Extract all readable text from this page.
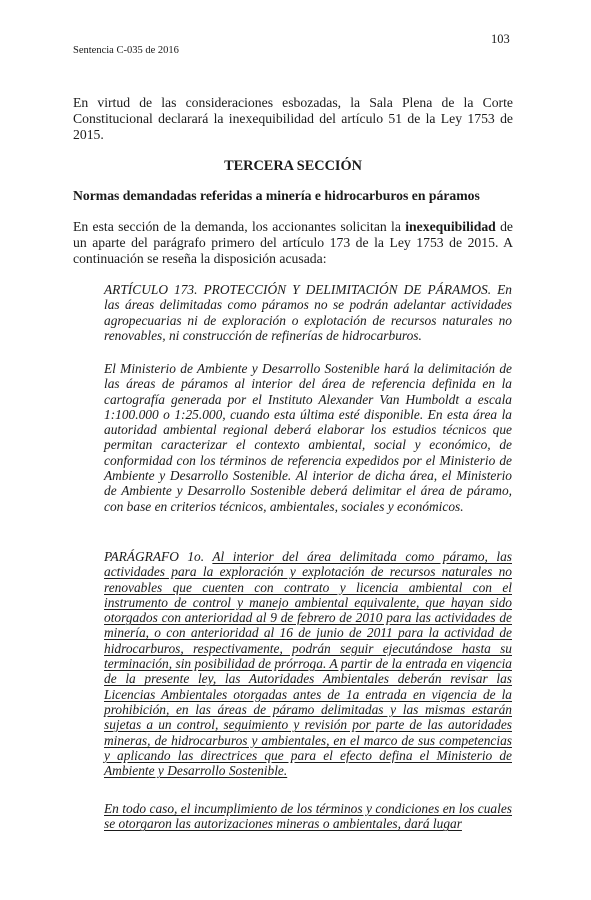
103
Sentencia C-035 de 2016

En virtud de las consideraciones esbozadas, la Sala Plena de la Corte Constitucional declarará la inexequibilidad del artículo 51 de la Ley 1753 de 2015.

TERCERA SECCIÓN
Normas demandadas referidas a minería e hidrocarburos en páramos

En esta sección de la demanda, los accionantes solicitan la inexequibilidad de un aparte del parágrafo primero del artículo 173 de la Ley 1753 de 2015. A continuación se reseña la disposición acusada:

ARTÍCULO 173. PROTECCIÓN Y DELIMITACIÓN DE PÁRAMOS. En las áreas delimitadas como páramos no se podrán adelantar actividades agropecuarias ni de exploración o explotación de recursos naturales no renovables, ni construcción de refinerías de hidrocarburos.

El Ministerio de Ambiente y Desarrollo Sostenible hará la delimitación de las áreas de páramos al interior del área de referencia definida en la cartografía generada por el Instituto Alexander Van Humboldt a escala 1:100.000 o 1:25.000, cuando esta última esté disponible. En esta área la autoridad ambiental regional deberá elaborar los estudios técnicos que permitan caracterizar el contexto ambiental, social y económico, de conformidad con los términos de referencia expedidos por el Ministerio de Ambiente y Desarrollo Sostenible. Al interior de dicha área, el Ministerio de Ambiente y Desarrollo Sostenible deberá delimitar el área de páramo, con base en criterios técnicos, ambientales, sociales y económicos.

PARÁGRAFO 1o. Al interior del área delimitada como páramo, las actividades para la exploración y explotación de recursos naturales no renovables que cuenten con contrato y licencia ambiental con el instrumento de control y manejo ambiental equivalente, que hayan sido otorgados con anterioridad al 9 de febrero de 2010 para las actividades de minería, o con anterioridad al 16 de junio de 2011 para la actividad de hidrocarburos, respectivamente, podrán seguir ejecutándose hasta su terminación, sin posibilidad de prórroga. A partir de la entrada en vigencia de la presente ley, las Autoridades Ambientales deberán revisar las Licencias Ambientales otorgadas antes de 1a entrada en vigencia de la prohibición, en las áreas de páramo delimitadas y las mismas estarán sujetas a un control, seguimiento y revisión por parte de las autoridades mineras, de hidrocarburos y ambientales, en el marco de sus competencias y aplicando las directrices que para el efecto defina el Ministerio de Ambiente y Desarrollo Sostenible.

En todo caso, el incumplimiento de los términos y condiciones en los cuales se otorgaron las autorizaciones mineras o ambientales, dará lugar
